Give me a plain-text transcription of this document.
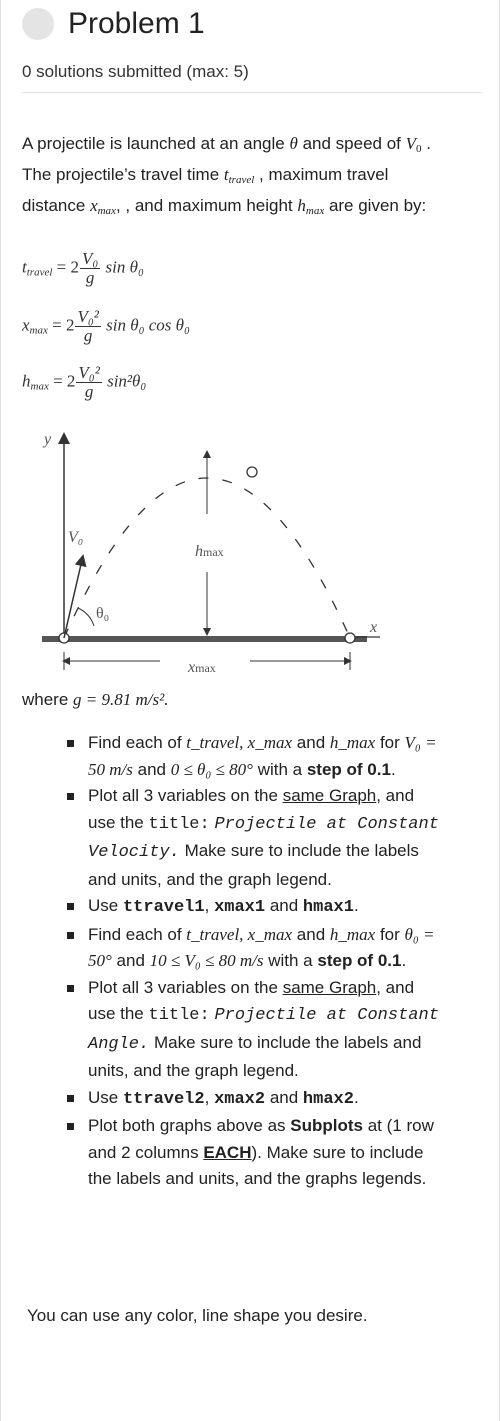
Problem 1
0 solutions submitted (max: 5)
A projectile is launched at an angle θ and speed of V0 . The projectile’s travel time $t_{travel}$ , maximum travel distance $x_{max}$, , and maximum height $h_{max}$ are given by:
$t_{travel} = 2 \frac{\text{V₀}}{g}$ sin θ₀
$x_{max} = 2 \frac{\text{V₀²}}{g}$ sin θ₀ cos θ₀
$h_{max} = 2 \frac{\text{V₀²}}{g} \sin^2\theta_0$
y
x
V₀
θ₀
hmax
xmax
where g = 9.81 m/s².
Find each of t_travel, x_max and h_max for V₀ = 50 m/s and 0 ≤ θ₀ ≤ 80° with a step of 0.1.
Plot all 3 variables on the same Graph, and use the title: Projectile at Constant Velocity. Make sure to include the labels and units, and the graph legend.
Use ttravel1, xmax1 and hmax1.
Find each of t_travel, x_max and h_max for θ₀ = 50° and 10 ≤ V₀ ≤ 80 m/s with a step of 0.1.
Plot all 3 variables on the same Graph, and use the title: Projectile at Constant Angle. Make sure to include the labels and units, and the graph legend.
Use ttravel2, xmax2 and hmax2.
Plot both graphs above as Subplots at (1 row and 2 columns EACH). Make sure to include the labels and units, and the graphs legends.
You can use any color, line shape you desire.
